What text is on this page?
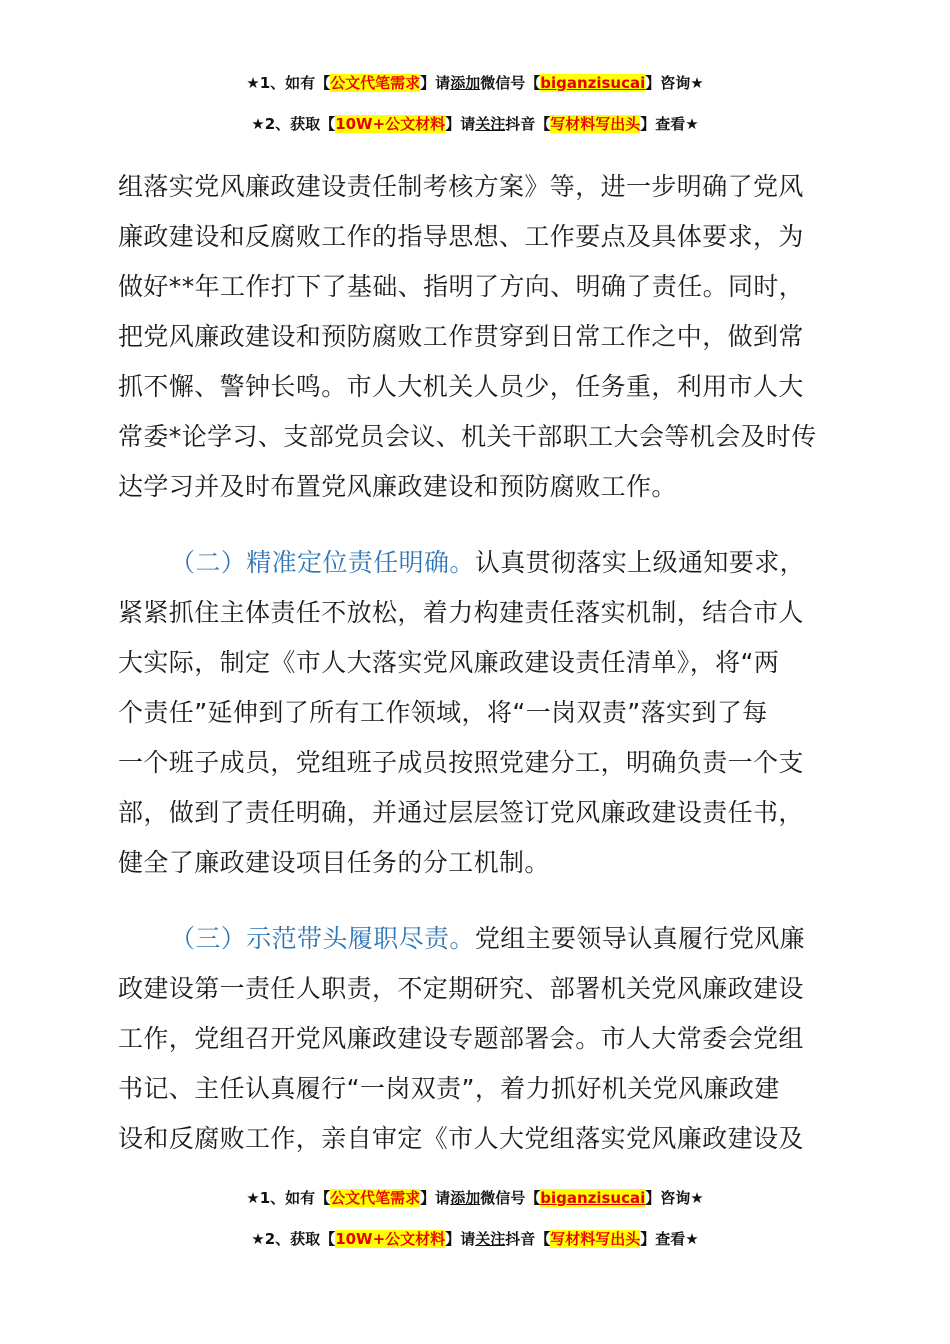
★1、如有【公文代笔需求】请添加微信号【biganzisucai】咨询★
★2、获取【10W+公文材料】请关注抖音【写材料写出头】查看★
组落实党风廉政建设责任制考核方案》等，进一步明确了党风
廉政建设和反腐败工作的指导思想、工作要点及具体要求，为
做好**年工作打下了基础、指明了方向、明确了责任。同时，
把党风廉政建设和预防腐败工作贯穿到日常工作之中，做到常
抓不懈、警钟长鸣。市人大机关人员少，任务重，利用市人大
常委*论学习、支部党员会议、机关干部职工大会等机会及时传
达学习并及时布置党风廉政建设和预防腐败工作。
（二）精准定位责任明确。认真贯彻落实上级通知要求，
紧紧抓住主体责任不放松，着力构建责任落实机制，结合市人
大实际，制定《市人大落实党风廉政建设责任清单》，将“两
个责任”延伸到了所有工作领域，将“一岗双责”落实到了每
一个班子成员，党组班子成员按照党建分工，明确负责一个支
部，做到了责任明确，并通过层层签订党风廉政建设责任书，
健全了廉政建设项目任务的分工机制。
（三）示范带头履职尽责。党组主要领导认真履行党风廉
政建设第一责任人职责，不定期研究、部署机关党风廉政建设
工作，党组召开党风廉政建设专题部署会。市人大常委会党组
书记、主任认真履行“一岗双责”，着力抓好机关党风廉政建
设和反腐败工作，亲自审定《市人大党组落实党风廉政建设及
★1、如有【公文代笔需求】请添加微信号【biganzisucai】咨询★
★2、获取【10W+公文材料】请关注抖音【写材料写出头】查看★
